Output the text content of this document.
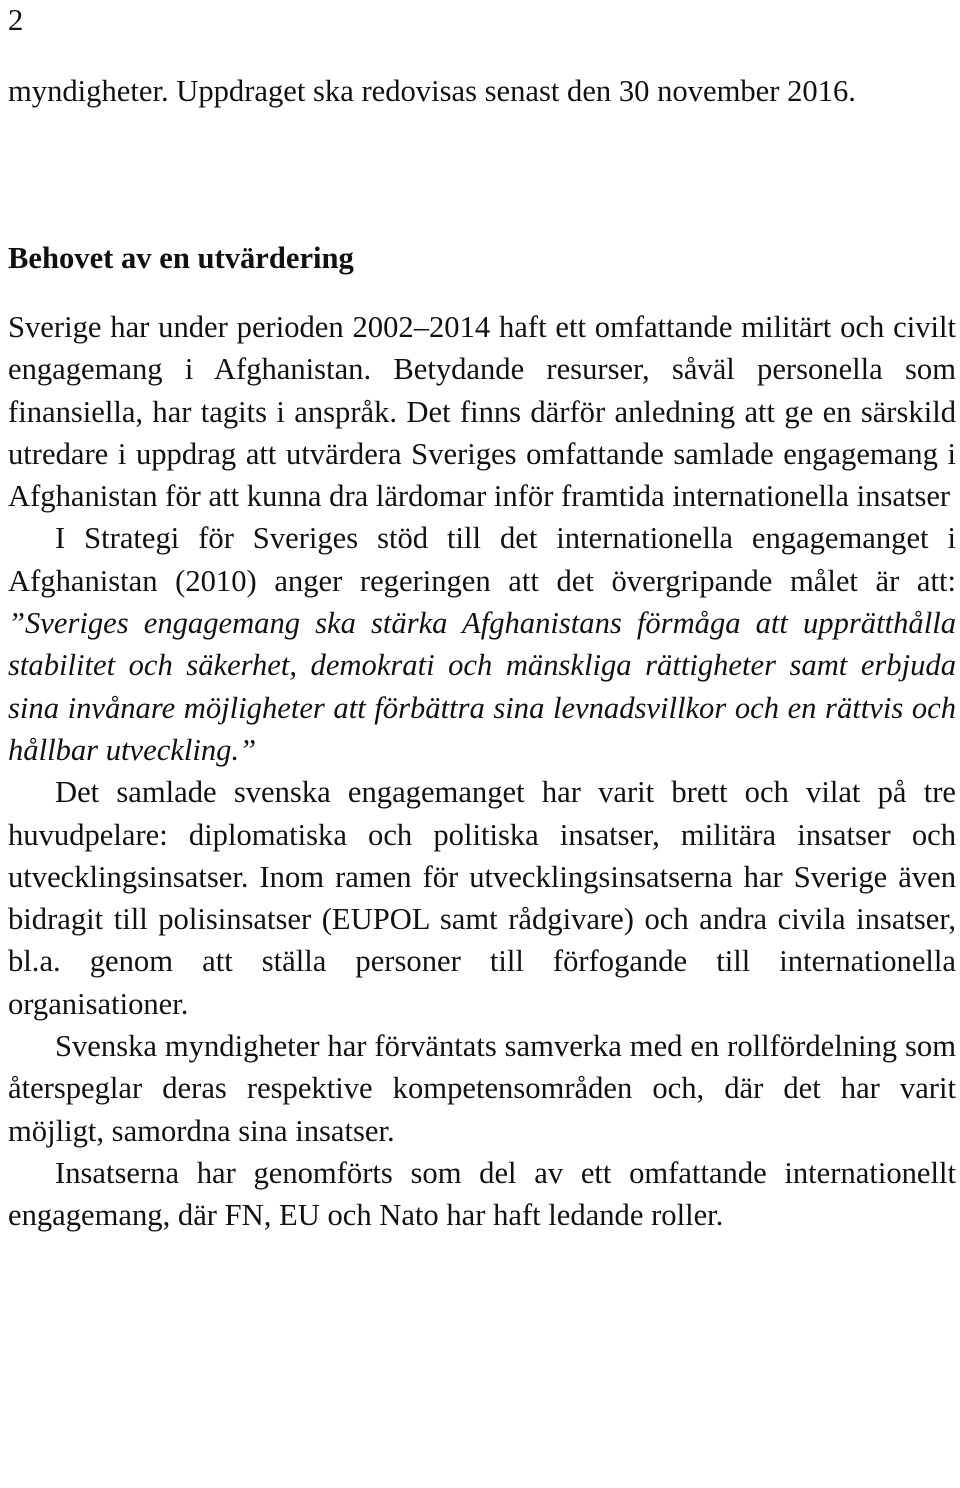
2

myndigheter. Uppdraget ska redovisas senast den 30 november 2016.

Behovet av en utvärdering

Sverige har under perioden 2002–2014 haft ett omfattande militärt och civilt engagemang i Afghanistan. Betydande resurser, såväl personella som finansiella, har tagits i anspråk. Det finns därför anledning att ge en särskild utredare i uppdrag att utvärdera Sveriges omfattande samlade engagemang i Afghanistan för att kunna dra lärdomar inför framtida internationella insatser

I Strategi för Sveriges stöd till det internationella engagemanget i Afghanistan (2010) anger regeringen att det övergripande målet är att: ”Sveriges engagemang ska stärka Afghanistans förmåga att upprätthålla stabilitet och säkerhet, demokrati och mänskliga rättigheter samt erbjuda sina invånare möjligheter att förbättra sina levnadsvillkor och en rättvis och hållbar utveckling.”

Det samlade svenska engagemanget har varit brett och vilat på tre huvudpelare: diplomatiska och politiska insatser, militära insatser och utvecklingsinsatser. Inom ramen för utvecklingsinsatserna har Sverige även bidragit till polisinsatser (EUPOL samt rådgivare) och andra civila insatser, bl.a. genom att ställa personer till förfogande till internationella organisationer.

Svenska myndigheter har förväntats samverka med en rollfördelning som återspeglar deras respektive kompetensområden och, där det har varit möjligt, samordna sina insatser.

Insatserna har genomförts som del av ett omfattande internationellt engagemang, där FN, EU och Nato har haft ledande roller.
